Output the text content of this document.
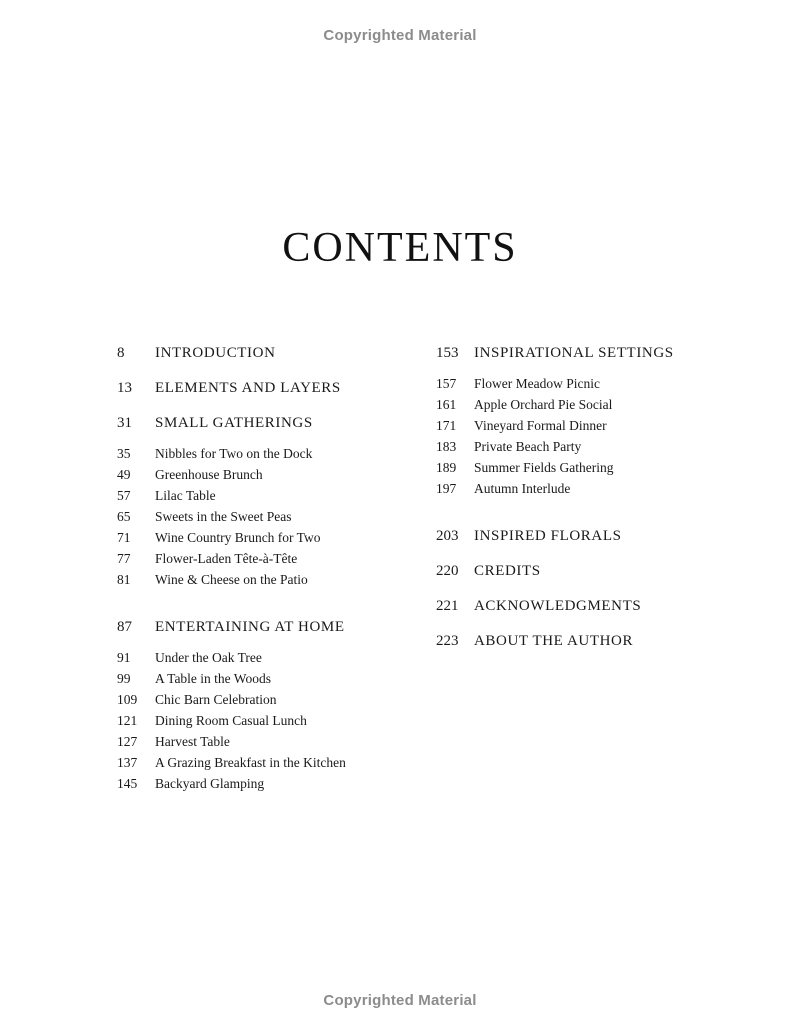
Copyrighted Material
CONTENTS
8	INTRODUCTION
13	ELEMENTS AND LAYERS
31	SMALL GATHERINGS
35	Nibbles for Two on the Dock
49	Greenhouse Brunch
57	Lilac Table
65	Sweets in the Sweet Peas
71	Wine Country Brunch for Two
77	Flower-Laden Tête-à-Tête
81	Wine & Cheese on the Patio
87	ENTERTAINING AT HOME
91	Under the Oak Tree
99	A Table in the Woods
109	Chic Barn Celebration
121	Dining Room Casual Lunch
127	Harvest Table
137	A Grazing Breakfast in the Kitchen
145	Backyard Glamping
153	INSPIRATIONAL SETTINGS
157	Flower Meadow Picnic
161	Apple Orchard Pie Social
171	Vineyard Formal Dinner
183	Private Beach Party
189	Summer Fields Gathering
197	Autumn Interlude
203	INSPIRED FLORALS
220	CREDITS
221	ACKNOWLEDGMENTS
223	ABOUT THE AUTHOR
Copyrighted Material
